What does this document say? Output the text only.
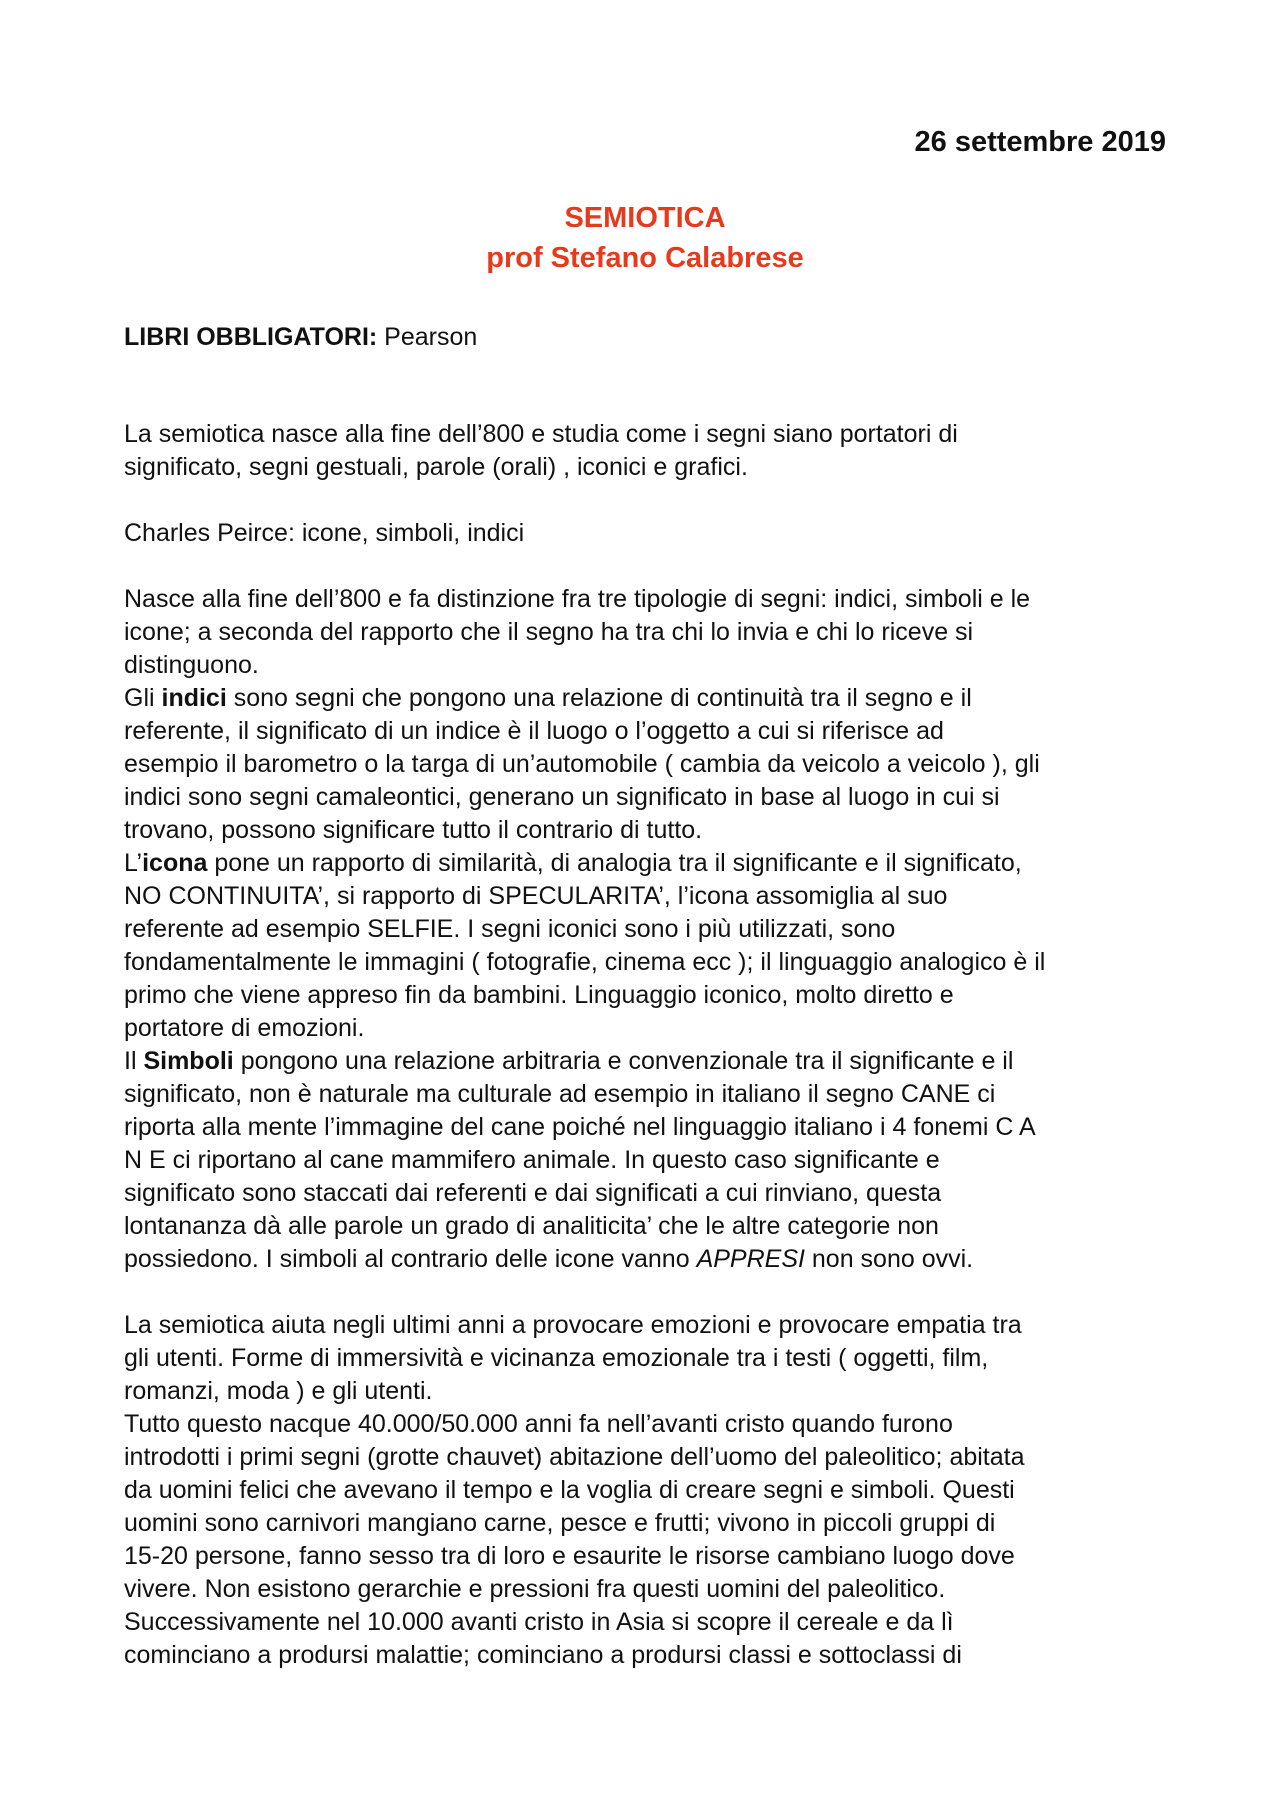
26 settembre 2019
SEMIOTICA
prof Stefano Calabrese
LIBRI OBBLIGATORI: Pearson

La semiotica nasce alla fine dell’800 e studia come i segni siano portatori di
significato, segni gestuali, parole (orali) , iconici e grafici.

Charles Peirce: icone, simboli, indici

Nasce alla fine dell’800 e fa distinzione fra tre tipologie di segni: indici, simboli e le
icone; a seconda del rapporto che il segno ha tra chi lo invia e chi lo riceve si
distinguono.

Gli indici sono segni che pongono una relazione di continuità tra il segno e il
referente, il significato di un indice è il luogo o l’oggetto a cui si riferisce ad
esempio il barometro o la targa di un’automobile ( cambia da veicolo a veicolo ), gli
indici sono segni camaleontici, generano un significato in base al luogo in cui si
trovano, possono significare tutto il contrario di tutto.

L’icona pone un rapporto di similarità, di analogia tra il significante e il significato,
NO CONTINUITA’, si rapporto di SPECULARITA’, l’icona assomiglia al suo
referente ad esempio SELFIE. I segni iconici sono i più utilizzati, sono
fondamentalmente le immagini ( fotografie, cinema ecc ); il linguaggio analogico è il
primo che viene appreso fin da bambini. Linguaggio iconico, molto diretto e
portatore di emozioni.

Il Simboli pongono una relazione arbitraria e convenzionale tra il significante e il
significato, non è naturale ma culturale ad esempio in italiano il segno CANE ci
riporta alla mente l’immagine del cane poiché nel linguaggio italiano i 4 fonemi C A
N E ci riportano al cane mammifero animale. In questo caso significante e
significato sono staccati dai referenti e dai significati a cui rinviano, questa
lontananza dà alle parole un grado di analiticita’ che le altre categorie non
possiedono. I simboli al contrario delle icone vanno APPRESI non sono ovvi.

La semiotica aiuta negli ultimi anni a provocare emozioni e provocare empatia tra
gli utenti. Forme di immersività e vicinanza emozionale tra i testi ( oggetti, film,
romanzi, moda ) e gli utenti.
Tutto questo nacque 40.000/50.000 anni fa nell’avanti cristo quando furono
introdotti i primi segni (grotte chauvet) abitazione dell’uomo del paleolitico; abitata
da uomini felici che avevano il tempo e la voglia di creare segni e simboli. Questi
uomini sono carnivori mangiano carne, pesce e frutti; vivono in piccoli gruppi di
15-20 persone, fanno sesso tra di loro e esaurite le risorse cambiano luogo dove
vivere. Non esistono gerarchie e pressioni fra questi uomini del paleolitico.
Successivamente nel 10.000 avanti cristo in Asia si scopre il cereale e da lì
cominciano a prodursi malattie; cominciano a prodursi classi e sottoclassi di
